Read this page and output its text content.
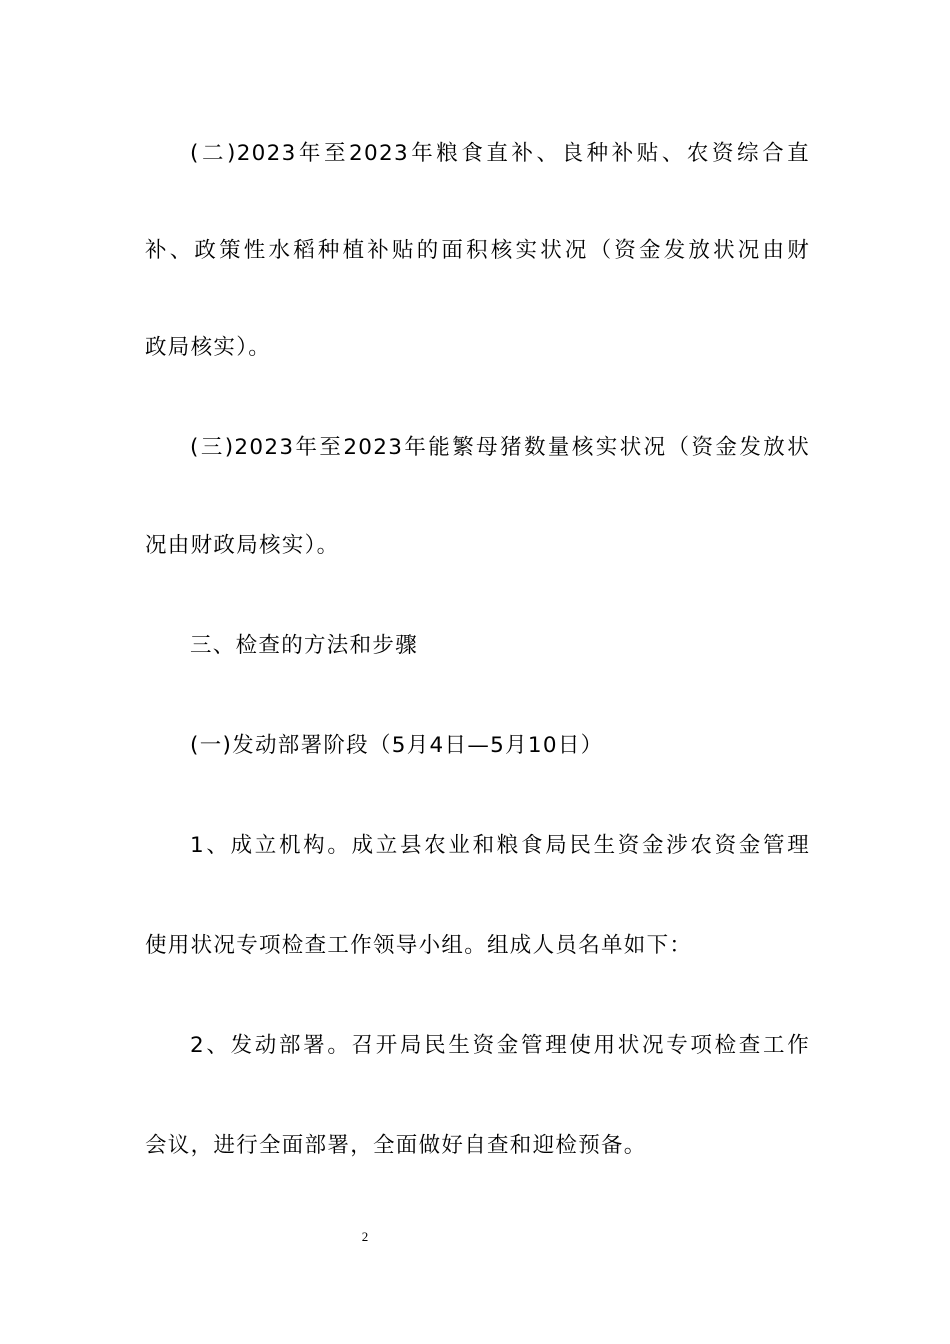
(二)2023年至2023年粮食直补、良种补贴、农资综合直
补、政策性水稻种植补贴的面积核实状况（资金发放状况由财
政局核实）。
(三)2023年至2023年能繁母猪数量核实状况（资金发放状
况由财政局核实）。
三、检查的方法和步骤
(一)发动部署阶段（5月4日—5月10日）
1、成立机构。成立县农业和粮食局民生资金涉农资金管理
使用状况专项检查工作领导小组。组成人员名单如下：
2、发动部署。召开局民生资金管理使用状况专项检查工作
会议，进行全面部署，全面做好自查和迎检预备。
2
